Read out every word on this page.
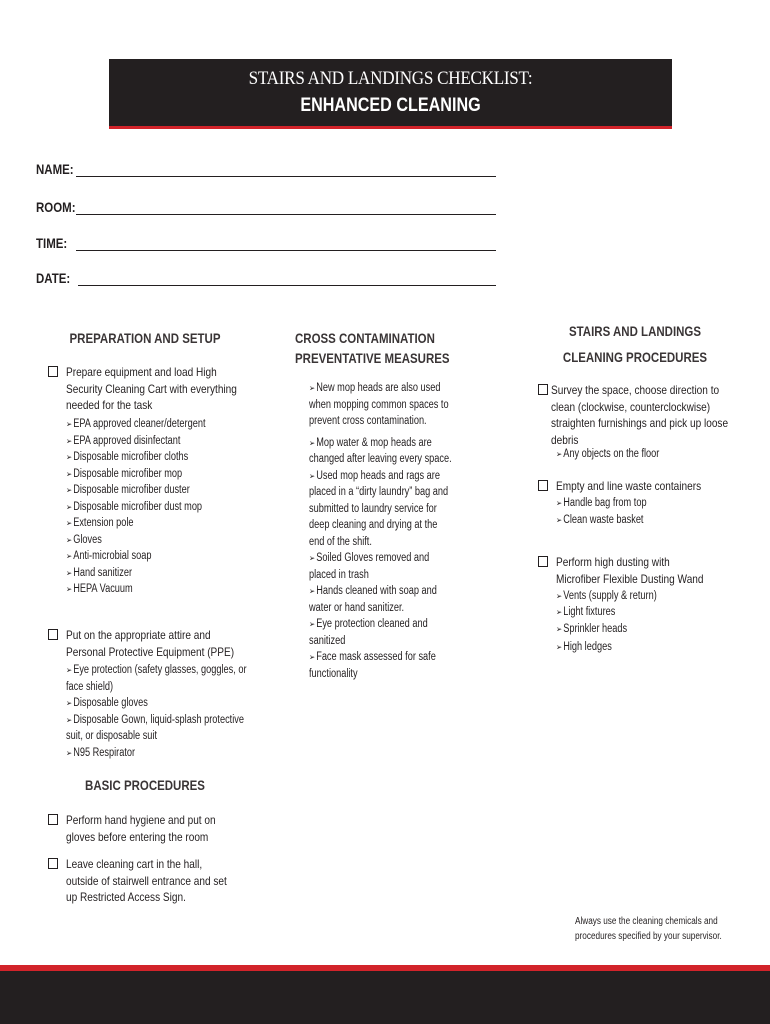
STAIRS AND LANDINGS CHECKLIST:
ENHANCED CLEANING
NAME:
ROOM:
TIME:
DATE:
PREPARATION AND SETUP
Prepare equipment and load High Security Cleaning Cart with everything needed for the task
➢EPA approved cleaner/detergent
➢EPA approved disinfectant
➢Disposable microfiber cloths
➢Disposable microfiber mop
➢Disposable microfiber duster
➢Disposable microfiber dust mop
➢Extension pole
➢Gloves
➢Anti-microbial soap
➢Hand sanitizer
➢HEPA Vacuum
Put on the appropriate attire and Personal Protective Equipment (PPE)
➢Eye protection (safety glasses, goggles, or face shield)
➢Disposable gloves
➢Disposable Gown, liquid-splash protective suit, or disposable suit
➢N95 Respirator
BASIC PROCEDURES
Perform hand hygiene and put on gloves before entering the room
Leave cleaning cart in the hall, outside of stairwell entrance and set up Restricted Access Sign.
CROSS CONTAMINATION
PREVENTATIVE MEASURES
➢New mop heads are also used when mopping common spaces to prevent cross contamination.
➢Mop water & mop heads are changed after leaving every space.
➢Used mop heads and rags are placed in a “dirty laundry” bag and submitted to laundry service for deep cleaning and drying at the end of the shift.
➢Soiled Gloves removed and placed in trash
➢Hands cleaned with soap and water or hand sanitizer.
➢Eye protection cleaned and sanitized
➢Face mask assessed for safe functionality
STAIRS AND LANDINGS
CLEANING PROCEDURES
Survey the space, choose direction to clean (clockwise, counterclockwise) straighten furnishings and pick up loose debris
➢Any objects on the floor
Empty and line waste containers
➢Handle bag from top
➢Clean waste basket
Perform high dusting with Microfiber Flexible Dusting Wand
➢Vents (supply & return)
➢Light fixtures
➢Sprinkler heads
➢High ledges
Always use the cleaning chemicals and procedures specified by your supervisor.
